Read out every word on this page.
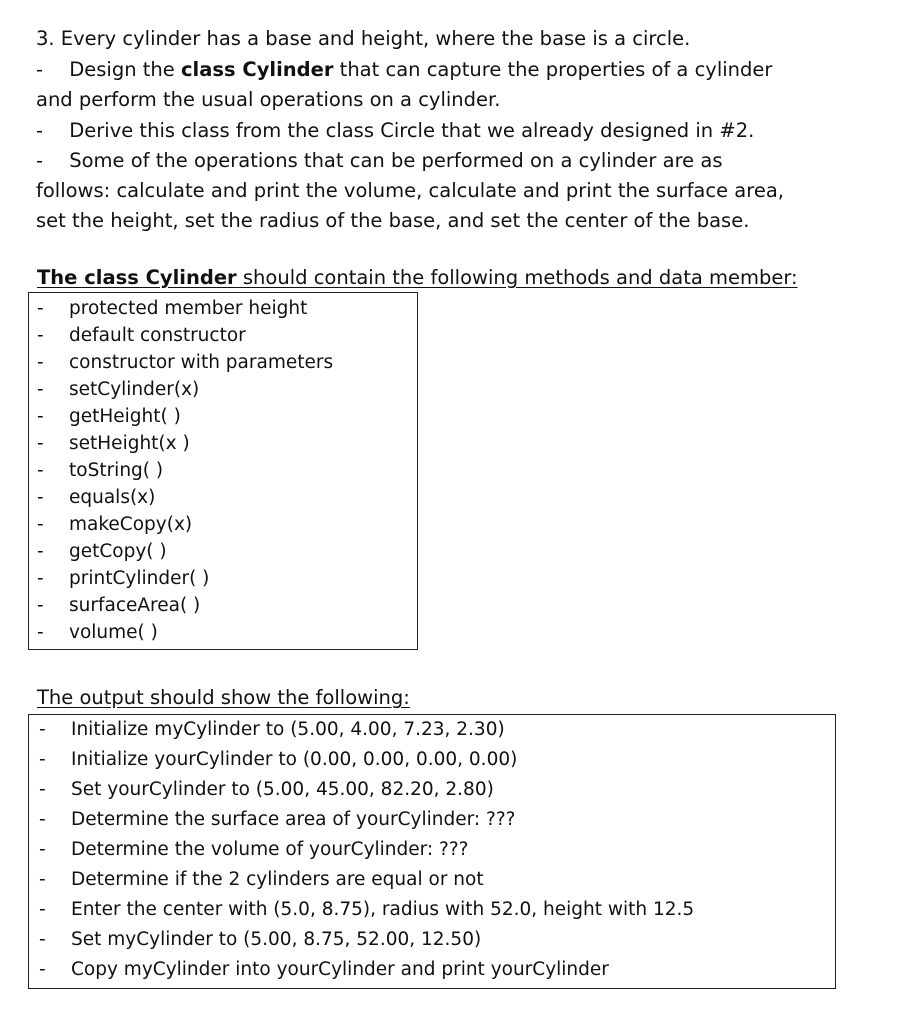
3. Every cylinder has a base and height, where the base is a circle.
- Design the class Cylinder that can capture the properties of a cylinder
and perform the usual operations on a cylinder.
- Derive this class from the class Circle that we already designed in #2.
- Some of the operations that can be performed on a cylinder are as
follows: calculate and print the volume, calculate and print the surface area,
set the height, set the radius of the base, and set the center of the base.
The class Cylinder should contain the following methods and data member:
- protected member height
- default constructor
- constructor with parameters
- setCylinder(x)
- getHeight( )
- setHeight(x )
- toString( )
- equals(x)
- makeCopy(x)
- getCopy( )
- printCylinder( )
- surfaceArea( )
- volume( )
The output should show the following:
- Initialize myCylinder to (5.00, 4.00, 7.23, 2.30)
- Initialize yourCylinder to (0.00, 0.00, 0.00, 0.00)
- Set yourCylinder to (5.00, 45.00, 82.20, 2.80)
- Determine the surface area of yourCylinder: ???
- Determine the volume of yourCylinder: ???
- Determine if the 2 cylinders are equal or not
- Enter the center with (5.0, 8.75), radius with 52.0, height with 12.5
- Set myCylinder to (5.00, 8.75, 52.00, 12.50)
- Copy myCylinder into yourCylinder and print yourCylinder
